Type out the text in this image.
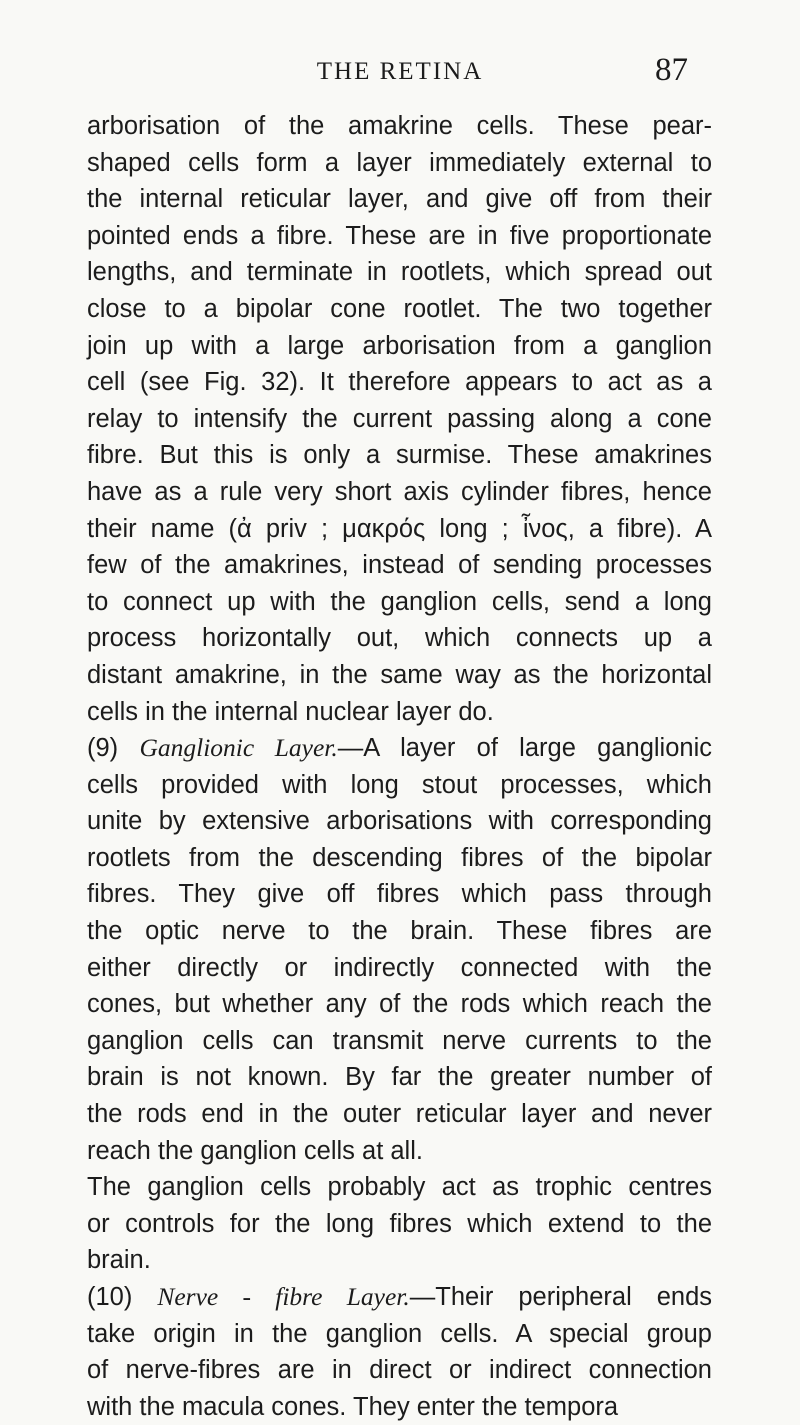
THE RETINA	87
arborisation of the amakrine cells. These pear-
shaped cells form a layer immediately external to
the internal reticular layer, and give off from their
pointed ends a fibre. These are in five proportionate
lengths, and terminate in rootlets, which spread out
close to a bipolar cone rootlet. The two together
join up with a large arborisation from a ganglion
cell (see Fig. 32). It therefore appears to act as a
relay to intensify the current passing along a cone
fibre. But this is only a surmise. These amakrines
have as a rule very short axis cylinder fibres, hence
their name (ἀ priv ; μακρός long ; ἶνος, a fibre). A
few of the amakrines, instead of sending processes
to connect up with the ganglion cells, send a long
process horizontally out, which connects up a
distant amakrine, in the same way as the horizontal
cells in the internal nuclear layer do.
(9) Ganglionic Layer.—A layer of large ganglionic
cells provided with long stout processes, which
unite by extensive arborisations with corresponding
rootlets from the descending fibres of the bipolar
fibres. They give off fibres which pass through
the optic nerve to the brain. These fibres are
either directly or indirectly connected with the
cones, but whether any of the rods which reach the
ganglion cells can transmit nerve currents to the
brain is not known. By far the greater number of
the rods end in the outer reticular layer and never
reach the ganglion cells at all.
The ganglion cells probably act as trophic centres
or controls for the long fibres which extend to the
brain.
(10) Nerve - fibre Layer.—Their peripheral ends
take origin in the ganglion cells. A special group
of nerve-fibres are in direct or indirect connection
with the macula cones. They enter the tempora
